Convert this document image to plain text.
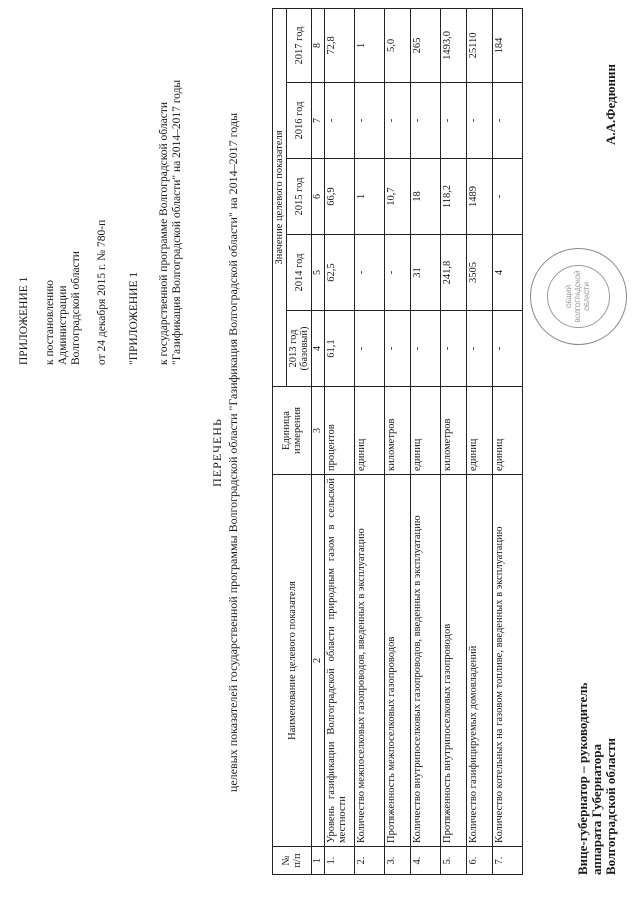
ПРИЛОЖЕНИЕ 1 к постановлению Администрации Волгоградской области от 24 декабря 2015 г. № 780-п "ПРИЛОЖЕНИЕ 1 к государственной программе Волгоградской области "Газификация Волгоградской области" на 2014–2017 годы
ПЕРЕЧЕНЬ целевых показателей государственной программы Волгоградской области "Газификация Волгоградской области" на 2014–2017 годы
№ п/п	Наименование целевого показателя	Единица измерения	Значение целевого показателя				
			2013 год (базовый)	2014 год	2015 год	2016 год	2017 год
1	2	3	4	5	6	7	8
1.	Уровень газификации Волгоградской области природным газом в сельской местности	процентов	61,1	62,5	66,9	-	72,8
2.	Количество межпоселковых газопроводов, введенных в эксплуатацию	единиц	-	-	1	-	1
3.	Протяженность межпоселковых газопроводов	километров	-	-	10,7	-	5,0
4.	Количество внутрипоселковых газопроводов, введенных в эксплуатацию	единиц	-	31	18	-	265
5.	Протяженность внутрипоселковых газопроводов	километров	-	241,8	118,2	-	1493,0
6.	Количество газифицируемых домовладений	единиц	-	3505	1489	-	25110
7.	Количество котельных на газовом топливе, введенных в эксплуатацию	единиц	-	4	-	-	184
ОБЩИЙ ВОЛГОГРАДСКОЙ ОБЛАСТИ
Вице-губернатор – руководитель аппарата Губернатора Волгоградской области
А.А.Федюнин
